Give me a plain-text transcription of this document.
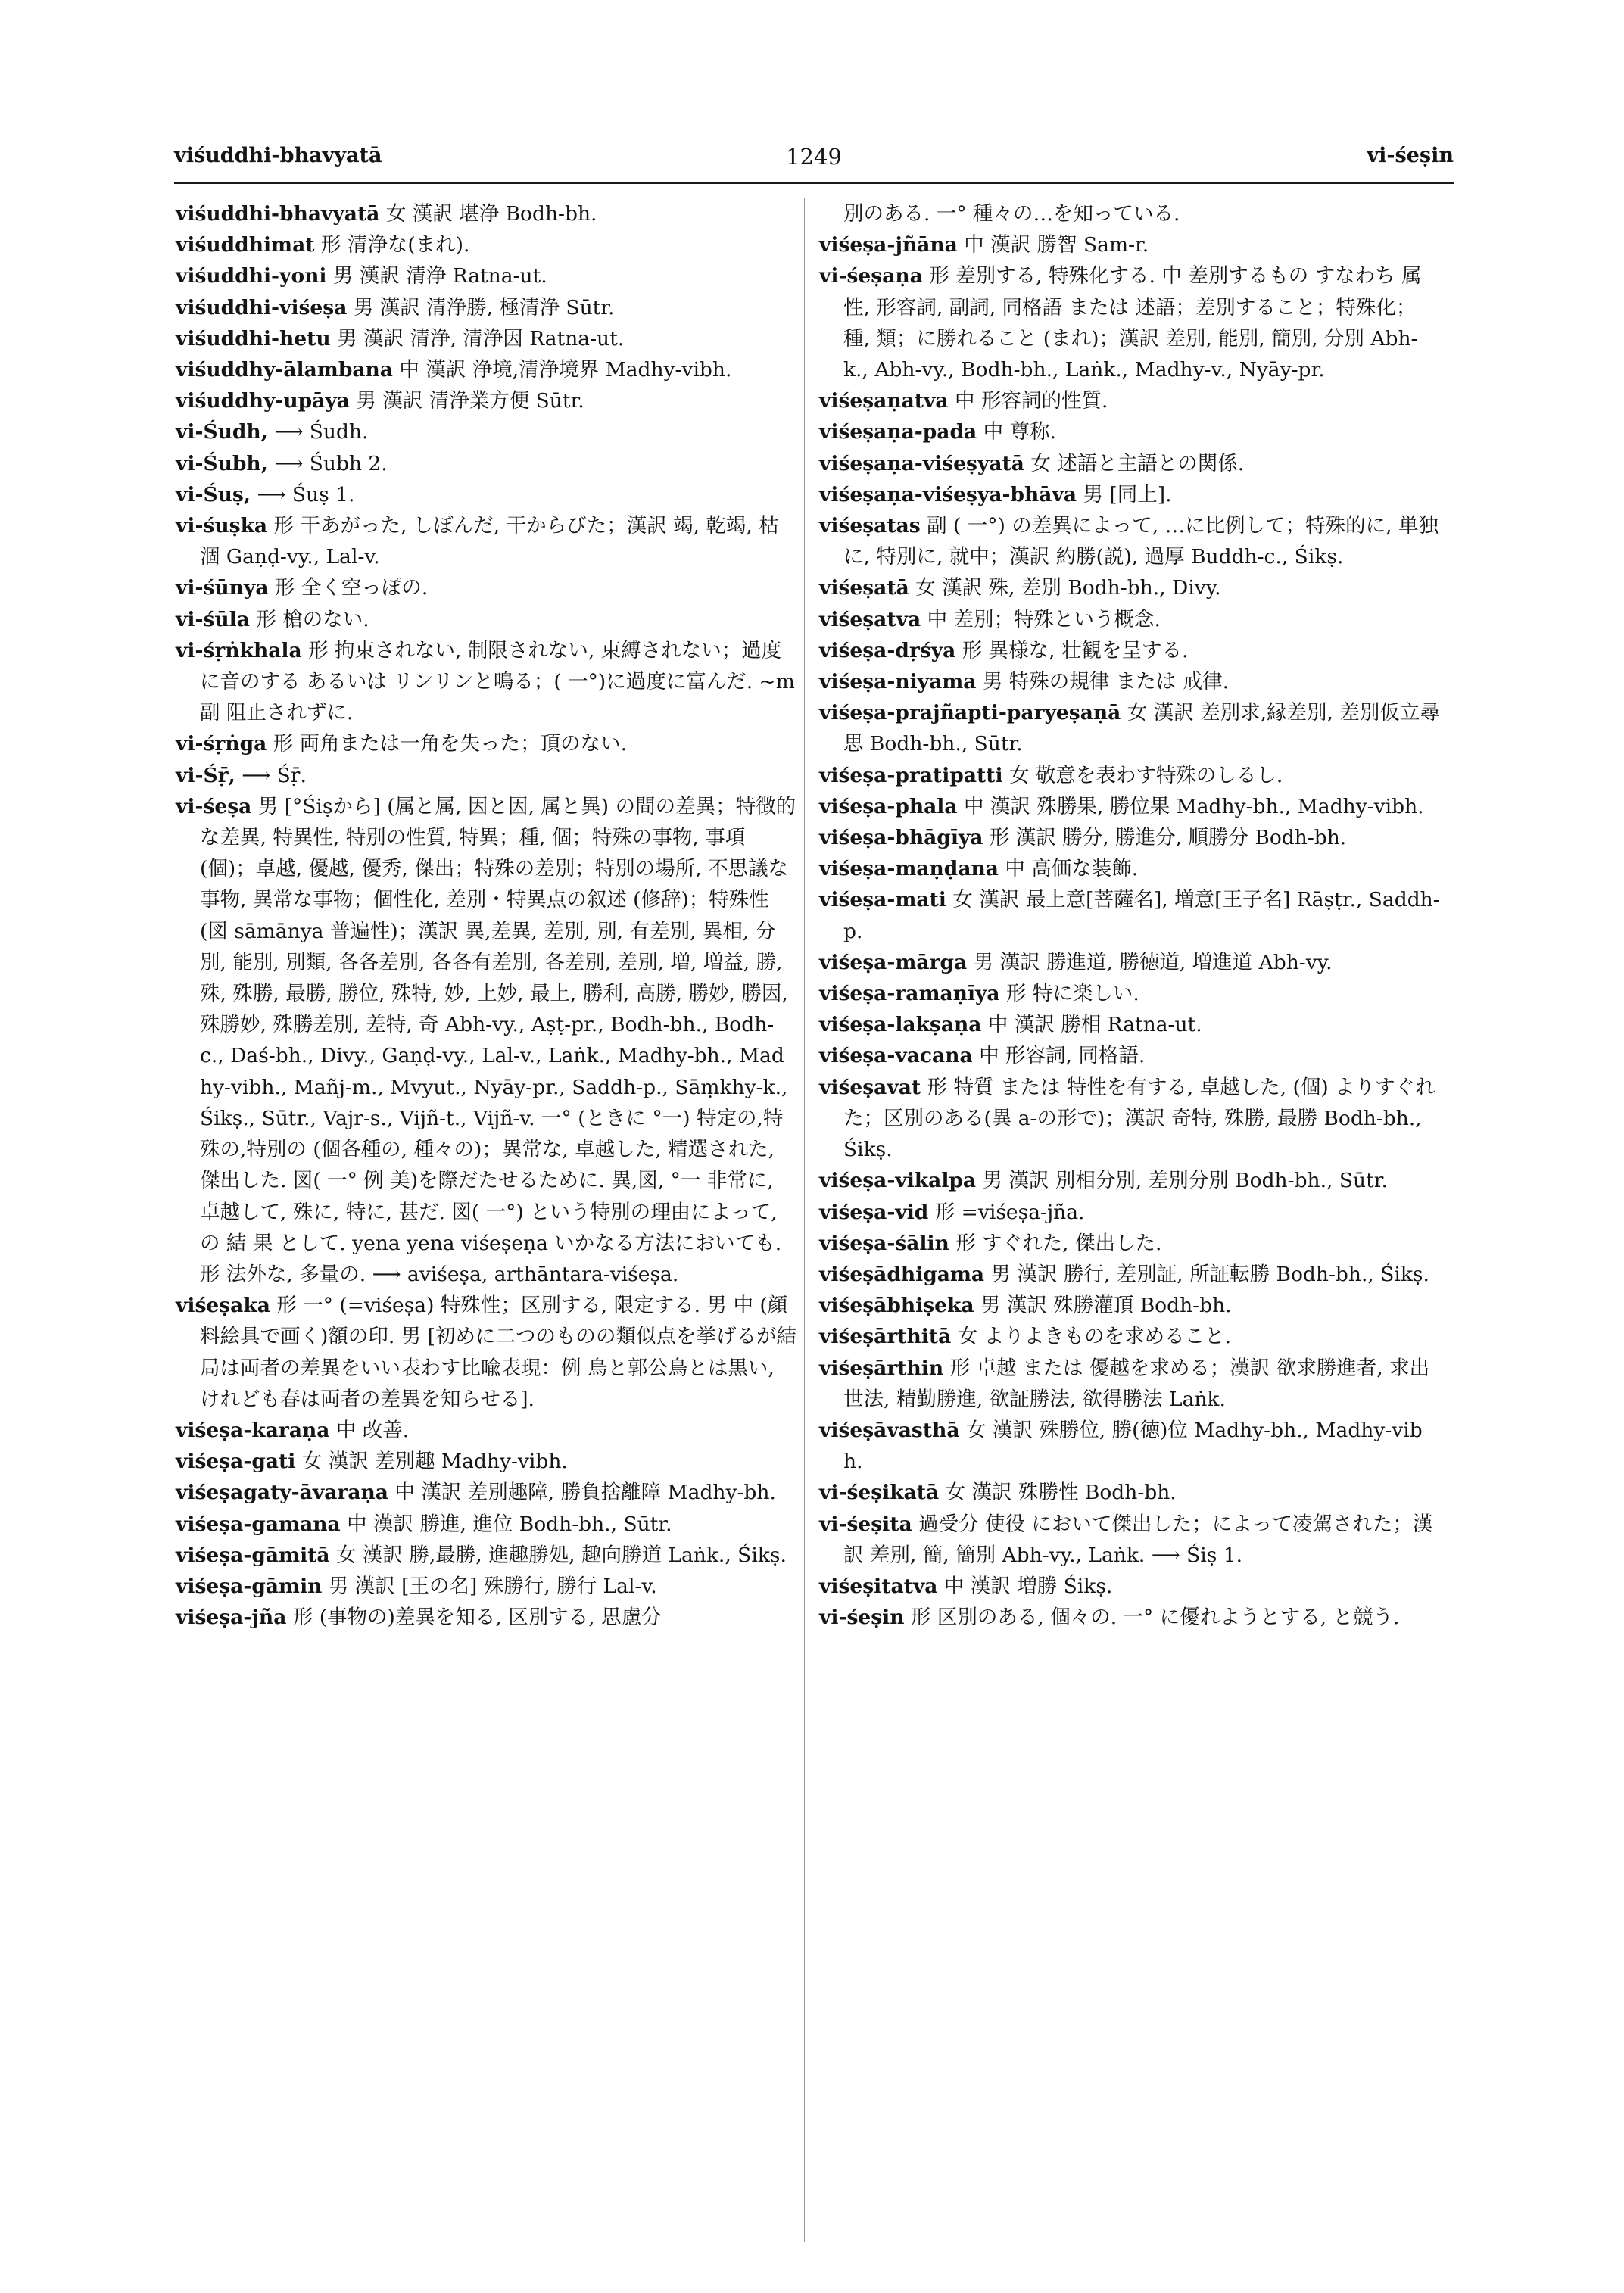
viśuddhi-bhavyatā	1249	vi-śeṣin

viśuddhi-bhavyatā 女 漢訳 堪浄 Bodh-bh.

viśuddhimat 形 清浄な(まれ).

viśuddhi-yoni 男 漢訳 清浄 Ratna-ut.

viśuddhi-viśeṣa 男 漢訳 清浄勝, 極清浄 Sūtr.

viśuddhi-hetu 男 漢訳 清浄, 清浄因 Ratna-ut.

viśuddhy-ālambana 中 漢訳 浄境,清浄境界 Madhy-vibh.

viśuddhy-upāya 男 漢訳 清浄業方便 Sūtr.

vi-Śudh, ⟶ Śudh.

vi-Śubh, ⟶ Śubh 2.

vi-Śuṣ, ⟶ Śuṣ 1.

vi-śuṣka 形 干あがった, しぼんだ, 干からびた；漢訳 竭, 乾竭, 枯涸 Gaṇḍ-vy., Lal-v.

vi-śūnya 形 全く空っぽの.

vi-śūla 形 槍のない.

vi-śṛṅkhala 形 拘束されない, 制限されない, 束縛されない；過度に音のする あるいは リンリンと鳴る；( 一°)に過度に富んだ. ~m 副 阻止されずに.

vi-śṛṅga 形 両角または一角を失った；頂のない.

vi-Śṝ, ⟶ Śṝ.

vi-śeṣa 男 [°Śiṣから] (属と属, 因と因, 属と異) の間の差異；特徴的な差異, 特異性, 特別の性質, 特異；種, 個；特殊の事物, 事項(個)；卓越, 優越, 優秀, 傑出；特殊の差別；特別の場所, 不思議な事物, 異常な事物；個性化, 差別・特異点の叙述 (修辞)；特殊性 (図 sāmānya 普遍性)；漢訳 異,差異, 差別, 別, 有差別, 異相, 分別, 能別, 別類, 各各差別, 各各有差別, 各差別, 差別, 増, 増益, 勝, 殊, 殊勝, 最勝, 勝位, 殊特, 妙, 上妙, 最上, 勝利, 高勝, 勝妙, 勝因, 殊勝妙, 殊勝差別, 差特, 奇 Abh-vy., Aṣṭ-pr., Bodh-bh., Bodh-c., Daś-bh., Divy., Gaṇḍ-vy., Lal-v., Laṅk., Madhy-bh., Madhy-vibh., Mañj-m., Mvyut., Nyāy-pr., Saddh-p., Sāṃkhy-k., Śikṣ., Sūtr., Vajr-s., Vijñ-t., Vijñ-v. 一° (ときに °一) 特定の,特殊の,特別の (個各種の, 種々の)；異常な, 卓越した, 精選された, 傑出した. 図( 一° 例 美)を際だたせるために. 異,図, °一 非常に, 卓越して, 殊に, 特に, 甚だ. 図( 一°) という特別の理由によって, の 結 果 として. yena yena viśeṣeṇa いかなる方法においても. 形 法外な, 多量の. ⟶ aviśeṣa, arthāntara-viśeṣa.

viśeṣaka 形 一° (=viśeṣa) 特殊性；区別する, 限定する. 男 中 (顔料絵具で画く)額の印. 男 [初めに二つのものの類似点を挙げるが結局は両者の差異をいい表わす比喩表現：例 烏と郭公鳥とは黒い, けれども春は両者の差異を知らせる].

viśeṣa-karaṇa 中 改善.

viśeṣa-gati 女 漢訳 差別趣 Madhy-vibh.

viśeṣagaty-āvaraṇa 中 漢訳 差別趣障, 勝負捨離障 Madhy-bh.

viśeṣa-gamana 中 漢訳 勝進, 進位 Bodh-bh., Sūtr.

viśeṣa-gāmitā 女 漢訳 勝,最勝, 進趣勝処, 趣向勝道 Laṅk., Śikṣ.

viśeṣa-gāmin 男 漢訳 [王の名] 殊勝行, 勝行 Lal-v.

viśeṣa-jña 形 (事物の)差異を知る, 区別する, 思慮分

別のある. 一° 種々の…を知っている.

viśeṣa-jñāna 中 漢訳 勝智 Sam-r.

vi-śeṣaṇa 形 差別する, 特殊化する. 中 差別するもの すなわち 属性, 形容詞, 副詞, 同格語 または 述語；差別すること；特殊化；種, 類；に勝れること (まれ)；漢訳 差別, 能別, 簡別, 分別 Abh-k., Abh-vy., Bodh-bh., Laṅk., Madhy-v., Nyāy-pr.

viśeṣaṇatva 中 形容詞的性質.

viśeṣaṇa-pada 中 尊称.

viśeṣaṇa-viśeṣyatā 女 述語と主語との関係.

viśeṣaṇa-viśeṣya-bhāva 男 [同上].

viśeṣatas 副 ( 一°) の差異によって, …に比例して；特殊的に, 単独に, 特別に, 就中；漢訳 約勝(説), 過厚 Buddh-c., Śikṣ.

viśeṣatā 女 漢訳 殊, 差別 Bodh-bh., Divy.

viśeṣatva 中 差別；特殊という概念.

viśeṣa-dṛśya 形 異様な, 壮観を呈する.

viśeṣa-niyama 男 特殊の規律 または 戒律.

viśeṣa-prajñapti-paryeṣaṇā 女 漢訳 差別求,縁差別, 差別仮立尋思 Bodh-bh., Sūtr.

viśeṣa-pratipatti 女 敬意を表わす特殊のしるし.

viśeṣa-phala 中 漢訳 殊勝果, 勝位果 Madhy-bh., Madhy-vibh.

viśeṣa-bhāgīya 形 漢訳 勝分, 勝進分, 順勝分 Bodh-bh.

viśeṣa-maṇḍana 中 高価な装飾.

viśeṣa-mati 女 漢訳 最上意[菩薩名], 増意[王子名] Rāṣṭr., Saddh-p.

viśeṣa-mārga 男 漢訳 勝進道, 勝徳道, 増進道 Abh-vy.

viśeṣa-ramaṇīya 形 特に楽しい.

viśeṣa-lakṣaṇa 中 漢訳 勝相 Ratna-ut.

viśeṣa-vacana 中 形容詞, 同格語.

viśeṣavat 形 特質 または 特性を有する, 卓越した, (個) よりすぐれた；区別のある(異 a-の形で)；漢訳 奇特, 殊勝, 最勝 Bodh-bh., Śikṣ.

viśeṣa-vikalpa 男 漢訳 別相分別, 差別分別 Bodh-bh., Sūtr.

viśeṣa-vid 形 =viśeṣa-jña.

viśeṣa-śālin 形 すぐれた, 傑出した.

viśeṣādhigama 男 漢訳 勝行, 差別証, 所証転勝 Bodh-bh., Śikṣ.

viśeṣābhiṣeka 男 漢訳 殊勝灌頂 Bodh-bh.

viśeṣārthitā 女 よりよきものを求めること.

viśeṣārthin 形 卓越 または 優越を求める；漢訳 欲求勝進者, 求出世法, 精勤勝進, 欲証勝法, 欲得勝法 Laṅk.

viśeṣāvasthā 女 漢訳 殊勝位, 勝(徳)位 Madhy-bh., Madhy-vibh.

vi-śeṣikatā 女 漢訳 殊勝性 Bodh-bh.

vi-śeṣita 過受分 使役 において傑出した；によって凌駕された；漢訳 差別, 簡, 簡別 Abh-vy., Laṅk. ⟶ Śiṣ 1.

viśeṣitatva 中 漢訳 増勝 Śikṣ.

vi-śeṣin 形 区別のある, 個々の. 一° に優れようとする, と競う.
